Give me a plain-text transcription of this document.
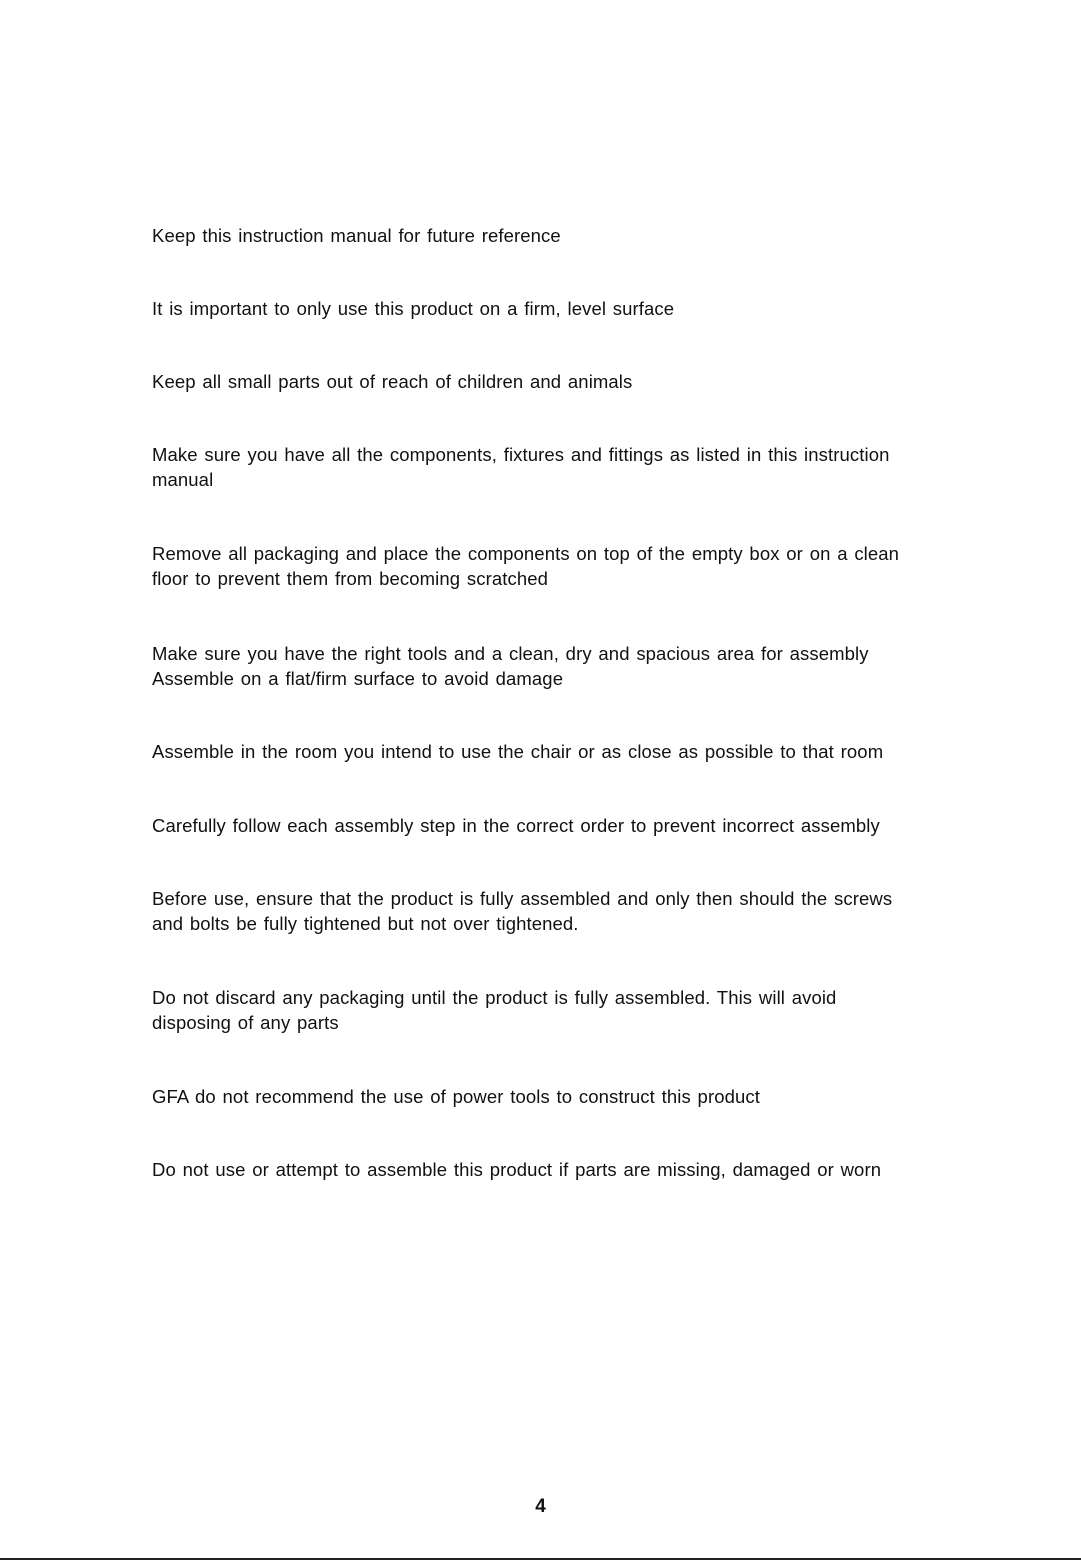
Keep this instruction manual for future reference

It is important to only use this product on a firm, level surface

Keep all small parts out of reach of children and animals

Make sure you have all the components, fixtures and fittings as listed in this instruction
manual

Remove all packaging and place the components on top of the empty box or on a clean
floor to prevent them from becoming scratched

Make sure you have the right tools and a clean, dry and spacious area for assembly
Assemble on a flat/firm surface to avoid damage

Assemble in the room you intend to use the chair or as close as possible to that room

Carefully follow each assembly step in the correct order to prevent incorrect assembly

Before use, ensure that the product is fully assembled and only then should the screws
and bolts be fully tightened but not over tightened.

Do not discard any packaging until the product is fully assembled. This will avoid
disposing of any parts

GFA do not recommend the use of power tools to construct this product

Do not use or attempt to assemble this product if parts are missing, damaged or worn

4
